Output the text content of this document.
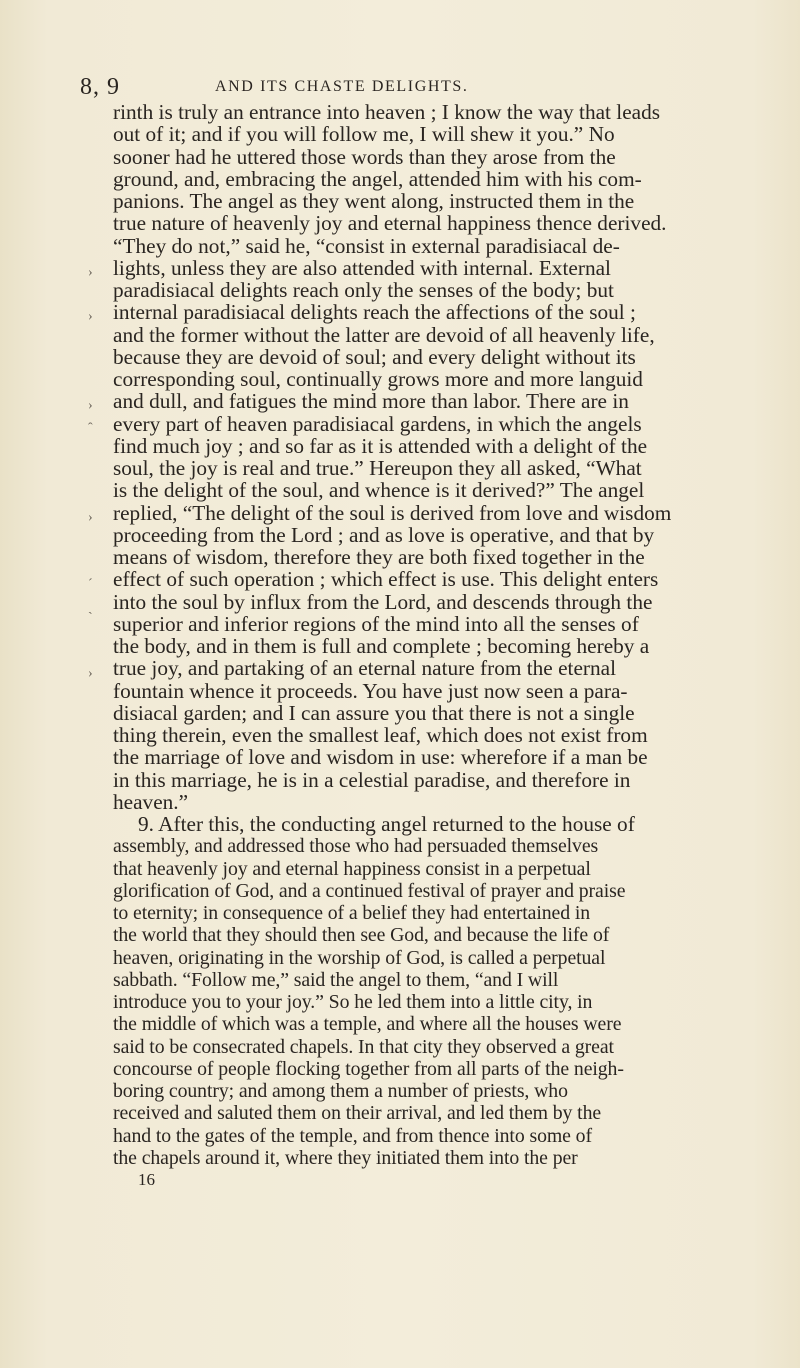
8, 9	AND ITS CHASTE DELIGHTS.
›
›
›
ˆ
›
ˊ
ˎ
›
rinth is truly an entrance into heaven ; I know the way that leads
out of it; and if you will follow me, I will shew it you.” No
sooner had he uttered those words than they arose from the
ground, and, embracing the angel, attended him with his com-
panions. The angel as they went along, instructed them in the
true nature of heavenly joy and eternal happiness thence derived.
“They do not,” said he, “consist in external paradisiacal de-
lights, unless they are also attended with internal. External
paradisiacal delights reach only the senses of the body; but
internal paradisiacal delights reach the affections of the soul ;
and the former without the latter are devoid of all heavenly life,
because they are devoid of soul; and every delight without its
corresponding soul, continually grows more and more languid
and dull, and fatigues the mind more than labor. There are in
every part of heaven paradisiacal gardens, in which the angels
find much joy ; and so far as it is attended with a delight of the
soul, the joy is real and true.” Hereupon they all asked, “What
is the delight of the soul, and whence is it derived?” The angel
replied, “The delight of the soul is derived from love and wisdom
proceeding from the Lord ; and as love is operative, and that by
means of wisdom, therefore they are both fixed together in the
effect of such operation ; which effect is use. This delight enters
into the soul by influx from the Lord, and descends through the
superior and inferior regions of the mind into all the senses of
the body, and in them is full and complete ; becoming hereby a
true joy, and partaking of an eternal nature from the eternal
fountain whence it proceeds. You have just now seen a para-
disiacal garden; and I can assure you that there is not a single
thing therein, even the smallest leaf, which does not exist from
the marriage of love and wisdom in use: wherefore if a man be
in this marriage, he is in a celestial paradise, and therefore in
heaven.”
9. After this, the conducting angel returned to the house of
assembly, and addressed those who had persuaded themselves
that heavenly joy and eternal happiness consist in a perpetual
glorification of God, and a continued festival of prayer and praise
to eternity; in consequence of a belief they had entertained in
the world that they should then see God, and because the life of
heaven, originating in the worship of God, is called a perpetual
sabbath. “Follow me,” said the angel to them, “and I will
introduce you to your joy.” So he led them into a little city, in
the middle of which was a temple, and where all the houses were
said to be consecrated chapels. In that city they observed a great
concourse of people flocking together from all parts of the neigh-
boring country; and among them a number of priests, who
received and saluted them on their arrival, and led them by the
hand to the gates of the temple, and from thence into some of
the chapels around it, where they initiated them into the per
16
